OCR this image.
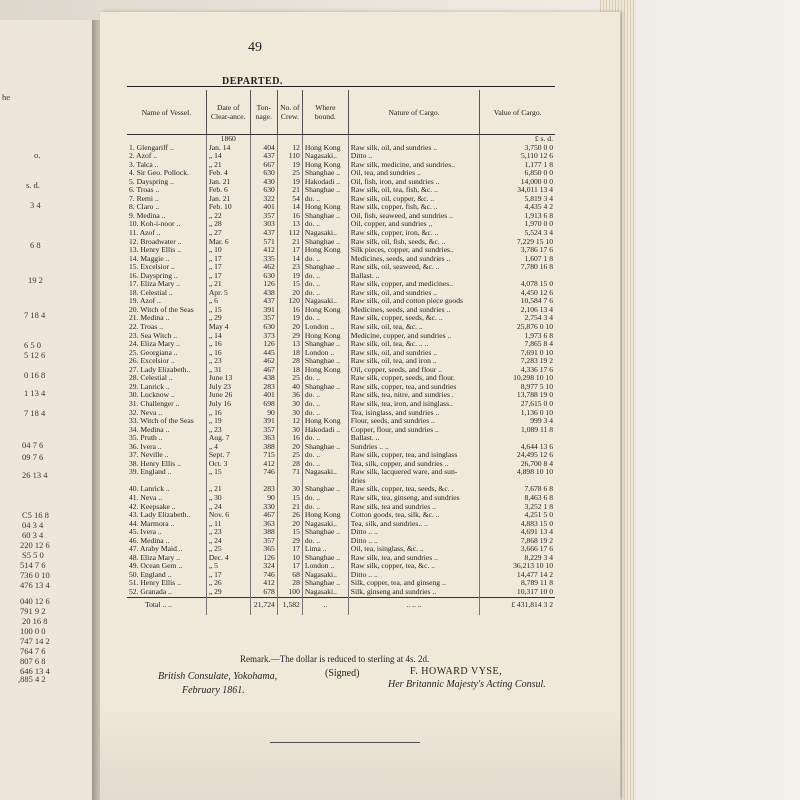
he
o.
s. d.
3 4
6 8
19 2
7 18 4
6 5 0
5 12 6
0 16 8
1 13 4
7 18 4
04 7 6
09 7 6
26 13 4
C5 16 8
04 3 4
60 3 4
220 12 6
S5 5 0
514 7 6
736 0 10
476 13 4
040 12 6
791 9 2
20 16 8
100 0 0
747 14 2
764 7 6
807 6 8
646 13 4
,885 4 2
49
DEPARTED.
Name of Vessel.	Date of Clear-ance.	Ton-nage.	No. of Crew.	Where bound.	Nature of Cargo.	Value of Cargo.
	1860					£ s. d.
1. Glengariff ..	Jan. 14	404	12	Hong Kong	Raw silk, oil, and sundries ..	3,750 0 0
2. Azof ..	„ 14	437	110	Nagasaki..	Ditto ..	5,110 12 6
3. Talca ..	„ 21	667	19	Hong Kong	Raw silk, medicine, and sundries..	1,177 1 8
4. Sir Geo. Pollock.	Feb. 4	630	25	Shanghae ..	Oil, tea, and sundries ..	6,850 0 0
5. Dayspring ..	Jan. 21	430	19	Hakodadi ..	Oil, fish, iron, and sundries ..	14,000 0 0
6. Troas ..	Feb. 6	630	21	Shanghae ..	Raw silk, oil, tea, fish, &c. ..	34,011 13 4
7. Remi ..	Jan. 21	322	54	do. ..	Raw silk, oil, copper, &c. ..	5,819 3 4
8. Claro ..	Feb. 10	401	14	Hong Kong	Raw silk, copper, fish, &c. ..	4,435 4 2
9. Medina ..	„ 22	357	16	Shanghae ..	Oil, fish, seaweed, and sundries ..	1,913 6 8
10. Koh-i-noor ..	„ 28	303	13	do. ..	Oil, copper, and sundries ..	1,970 0 0
11. Azof ..	„ 27	437	112	Nagasaki..	Raw silk, copper, iron, &c. ..	5,524 3 4
12. Broadwater ..	Mar. 6	571	21	Shanghae ..	Raw silk, oil, fish, seeds, &c. ..	7,229 15 10
13. Henry Ellis ..	„ 10	412	17	Hong Kong	Silk pieces, copper, and sundries..	3,786 17 6
14. Maggie ..	„ 17	335	14	do. ..	Medicines, seeds, and sundries ..	1,607 1 8
15. Excelsior ..	„ 17	462	23	Shanghae ..	Raw silk, oil, seaweed, &c. ..	7,780 16 8
16. Dayspring ..	„ 17	630	19	do. ..	Ballast. ..	
17. Eliza Mary ..	„ 21	126	15	do. ..	Raw silk, copper, and medicines..	4,078 15 0
18. Celestial ..	Apr. 5	438	20	do. ..	Raw silk, oil, and sundries ..	4,450 12 6
19. Azof ..	„ 6	437	120	Nagasaki..	Raw silk, oil, and cotton piece goods	10,584 7 6
20. Witch of the Seas	„ 15	391	16	Hong Kong	Medicines, seeds, and sundries ..	2,106 13 4
21. Medina ..	„ 29	357	19	do. ..	Raw silk, copper, seeds, &c. ..	2,754 3 4
22. Troas ..	May 4	630	20	London ..	Raw silk, oil, tea, &c. ..	25,876 0 10
23. Sea Witch ..	„ 14	373	29	Hong Kong	Medicine, copper, and sundries ..	1,973 6 8
24. Eliza Mary ..	„ 16	126	13	Shanghae ..	Raw silk, oil, tea, &c. .. ..	7,865 8 4
25. Georgiana ..	„ 16	445	18	London ..	Raw silk, oil, and sundries ..	7,691 0 10
26. Excelsior ..	„ 23	462	28	Shanghae ..	Raw silk, oil, tea, and iron ..	7,283 19 2
27. Lady Elizabeth..	„ 31	467	18	Hong Kong	Oil, copper, seeds, and flour ..	4,336 17 6
28. Celestial ..	June 13	438	25	do. ..	Raw silk, copper, seeds, and flour.	10,298 10 10
29. Lanrick ..	July 23	283	40	Shanghae ..	Raw silk, copper, tea, and sundries	8,977 5 10
30. Lucknow ..	June 26	401	36	do. ..	Raw silk, tea, nitre, and sundries .	13,788 19 0
31. Challenger ..	July 16	698	30	do. ..	Raw silk, tea, iron, and isinglass..	27,615 0 0
32. Neva ..	„ 16	90	30	do. ..	Tea, isinglass, and sundries ..	1,136 0 10
33. Witch of the Seas	„ 19	391	12	Hong Kong	Flour, seeds, and sundries ..	999 3 4
34. Medina ..	„ 23	357	30	Hakodadi ..	Copper, flour, and sundries ..	1,089 11 8
35. Pruth ..	Aug. 7	363	16	do. ..	Ballast. ..	
36. Ivera ..	„ 4	388	20	Shanghae ..	Sundries .. ..	4,644 13 6
37. Neville ..	Sept. 7	715	25	do. ..	Raw silk, copper, tea, and isinglass	24,495 12 6
38. Henry Ellis ..	Oct. 3	412	28	do. ..	Tea, silk, copper, and sundries ..	26,700 8 4
39. England ..	„ 15	746	71	Nagasaki..	Raw silk, lacquered ware, and sun-	4,898 10 10
					dries	

40. Lanrick ..	„ 21	283	30	Shanghae ..	Raw silk, copper, tea, seeds, &c. .	7,678 6 8
41. Neva ..	„ 30	90	15	do. ..	Raw silk, tea, ginseng, and sundries	8,463 6 8
42. Keepsake ..	„ 24	330	21	do. ..	Raw silk, tea and sundries ..	3,252 1 8
43. Lady Elizabeth..	Nov. 6	467	26	Hong Kong	Cotton goods, tea, silk, &c. ..	4,251 5 0
44. Marmora ..	„ 11	363	20	Nagasaki..	Tea, silk, and sundries.. ..	4,883 15 0
45. Ivera ..	„ 23	388	15	Shanghae ..	Ditto .. ..	4,691 13 4
46. Medina ..	„ 24	357	29	do. ..	Ditto .. ..	7,868 19 2
47. Araby Maid ..	„ 25	365	17	Lima ..	Oil, tea, isinglass, &c. ..	3,666 17 6
48. Eliza Mary ..	Dec. 4	126	10	Shanghae ..	Raw silk, tea, and sundries ..	8,229 3 4
49. Ocean Gem ..	„ 5	324	17	London ..	Raw silk, copper, tea, &c. ..	36,213 10 10
50. England ..	„ 17	746	68	Nagasaki..	Ditto .. ..	14,477 14 2
51. Henry Ellis ..	„ 26	412	28	Shanghae ..	Silk, copper, tea, and ginseng ..	8,789 11 8
52. Granada ..	„ 29	678	100	Nagasaki..	Silk, ginseng and sundries ..	10,317 10 0
Total .. ..		21,724	1,582	..	.. .. ..	£ 431,814 3 2
Remark.—The dollar is reduced to sterling at 4s. 2d.
British Consulate, Yokohama,
February 1861.
(Signed)	F. HOWARD VYSE,
Her Britannic Majesty's Acting Consul.
